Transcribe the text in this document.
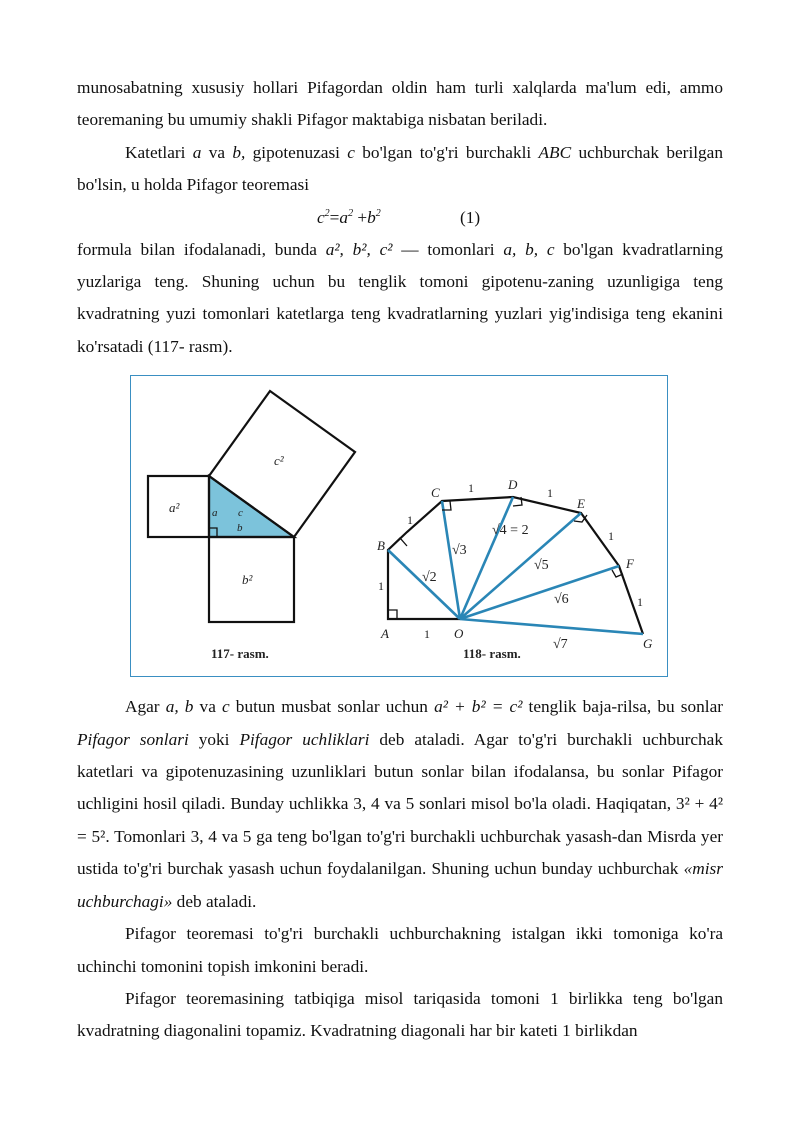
munosabatning xususiy hollari Pifagordan oldin ham turli xalqlarda ma'lum edi, ammo teoremaning bu umumiy shakli Pifagor maktabiga nisbatan beriladi.

Katetlari a va b, gipotenuzasi c bo'lgan to'g'ri burchakli ABC uchburchak berilgan bo'lsin, u holda Pifagor teoremasi

$c^2=a^2 +b^2$	(1)

formula bilan ifodalanadi, bunda a², b², c² — tomonlari a, b, c bo'lgan kvadratlarning yuzlariga teng. Shuning uchun bu tenglik tomoni gipotenu-zaning uzunligiga teng kvadratning yuzi tomonlari katetlarga teng kvadratlarning yuzlari yig'indisiga teng ekanini ko'rsatadi (117- rasm).

a²
b²
c²
a c
b
117- rasm.
A	O
B
C
D
E
F
G
1
1
1
1	1
1
1
√2
√3
√4 = 2
√5
√6
√7
118- rasm.

Agar a, b va c butun musbat sonlar uchun a² + b² = c² tenglik baja-rilsa, bu sonlar Pifagor sonlari yoki Pifagor uchliklari deb ataladi. Agar to'g'ri burchakli uchburchak katetlari va gipotenuzasining uzunliklari butun sonlar bilan ifodalansa, bu sonlar Pifagor uchligini hosil qiladi. Bunday uchlikka 3, 4 va 5 sonlari misol bo'la oladi. Haqiqatan, 3² + 4² = 5². Tomonlari 3, 4 va 5 ga teng bo'lgan to'g'ri burchakli uchburchak yasash-dan Misrda yer ustida to'g'ri burchak yasash uchun foydalanilgan. Shuning uchun bunday uchburchak «misr uchburchagi» deb ataladi.

Pifagor teoremasi to'g'ri burchakli uchburchakning istalgan ikki tomoniga ko'ra uchinchi tomonini topish imkonini beradi.

Pifagor teoremasining tatbiqiga misol tariqasida tomoni 1 birlikka teng bo'lgan kvadratning diagonalini topamiz. Kvadratning diagonali har bir kateti 1 birlikdan
